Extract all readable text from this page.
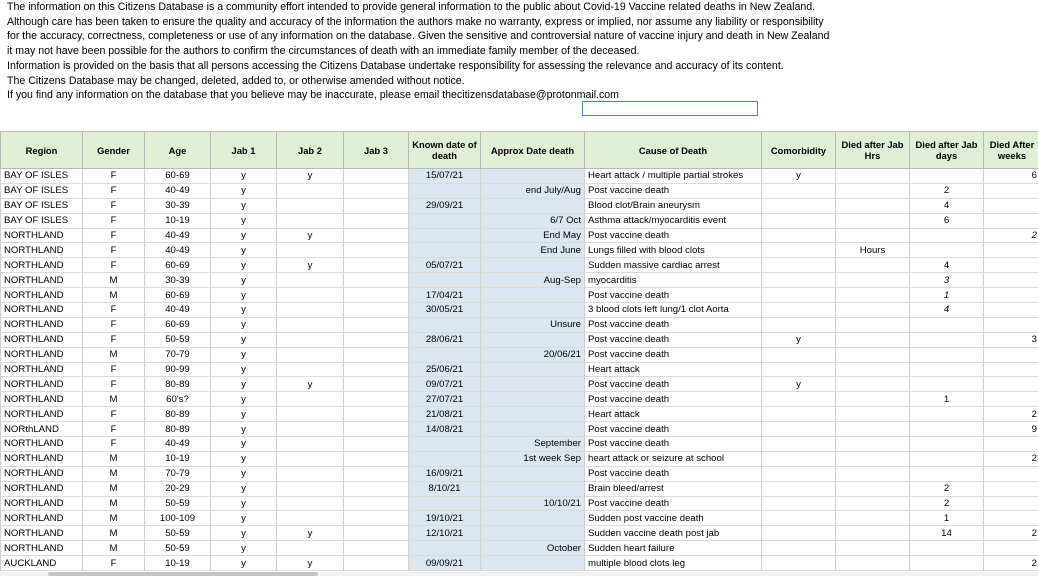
The information on this Citizens Database is a community effort intended to provide general information to the public about Covid-19 Vaccine related deaths in New Zealand.
Although care has been taken to ensure the quality and accuracy of the information the authors make no warranty, express or implied, nor assume any liability or responsibility
for the accuracy, correctness, completeness or use of any information on the database. Given the sensitive and controversial nature of vaccine injury and death in New Zealand
it may not have been possible for the authors to confirm the circumstances of death with an immediate family member of the deceased.
Information is provided on the basis that all persons accessing the Citizens Database undertake responsibility for assessing the relevance and accuracy of its content.
The Citizens Database may be changed, deleted, added to, or otherwise amended without notice.
If you find any information on the database that you believe may be inaccurate, please email thecitizensdatabase@protonmail.com
Region	Gender	Age	Jab 1	Jab 2	Jab 3	Known date of death	Approx Date death	Cause of Death	Comorbidity	Died after Jab Hrs	Died after Jab days	Died After weeks
BAY OF ISLES	F	60-69	y	y		15/07/21		Heart attack / multiple partial strokes	y			6
BAY OF ISLES	F	40-49	y				end July/Aug	Post vaccine death			2	
BAY OF ISLES	F	30-39	y			29/09/21		Blood clot/Brain aneurysm			4	
BAY OF ISLES	F	10-19	y				6/7 Oct	Asthma attack/myocarditis event			6	
NORTHLAND	F	40-49	y	y			End May	Post vaccine death				2
NORTHLAND	F	40-49	y				End June	Lungs filled with blood clots		Hours		
NORTHLAND	F	60-69	y	y		05/07/21		Sudden massive cardiac arrest			4	
NORTHLAND	M	30-39	y				Aug-Sep	myocarditis			3	
NORTHLAND	M	60-69	y			17/04/21		Post vaccine death			1	
NORTHLAND	F	40-49	y			30/05/21		3 blood clots left lung/1 clot Aorta			4	
NORTHLAND	F	60-69	y				Unsure	Post vaccine death				
NORTHLAND	F	50-59	y			28/06/21		Post vaccine death	y			3
NORTHLAND	M	70-79	y				20/06/21	Post vaccine death				
NORTHLAND	F	90-99	y			25/06/21		Heart attack				
NORTHLAND	F	80-89	y	y		09/07/21		Post vaccine death	y			
NORTHLAND	M	60's?	y			27/07/21		Post vaccine death			1	
NORTHLAND	F	80-89	y			21/08/21		Heart attack				2
NORthLAND	F	80-89	y			14/08/21		Post vaccine death				9
NORTHLAND	F	40-49	y				September	Post vaccine death				
NORTHLAND	M	10-19	y				1st week Sep	heart attack or seizure at school				2
NORTHLAND	M	70-79	y			16/09/21		Post vaccine death				
NORTHLAND	M	20-29	y			8/10/21		Brain bleed/arrest			2	
NORTHLAND	M	50-59	y				10/10/21	Post vaccine death			2	
NORTHLAND	M	100-109	y			19/10/21		Sudden post vaccine death			1	
NORTHLAND	M	50-59	y	y		12/10/21		Sudden vaccine death post jab			14	2
NORTHLAND	M	50-59	y				October	Sudden heart failure				
AUCKLAND	F	10-19	y	y		09/09/21		multiple blood clots leg				2
